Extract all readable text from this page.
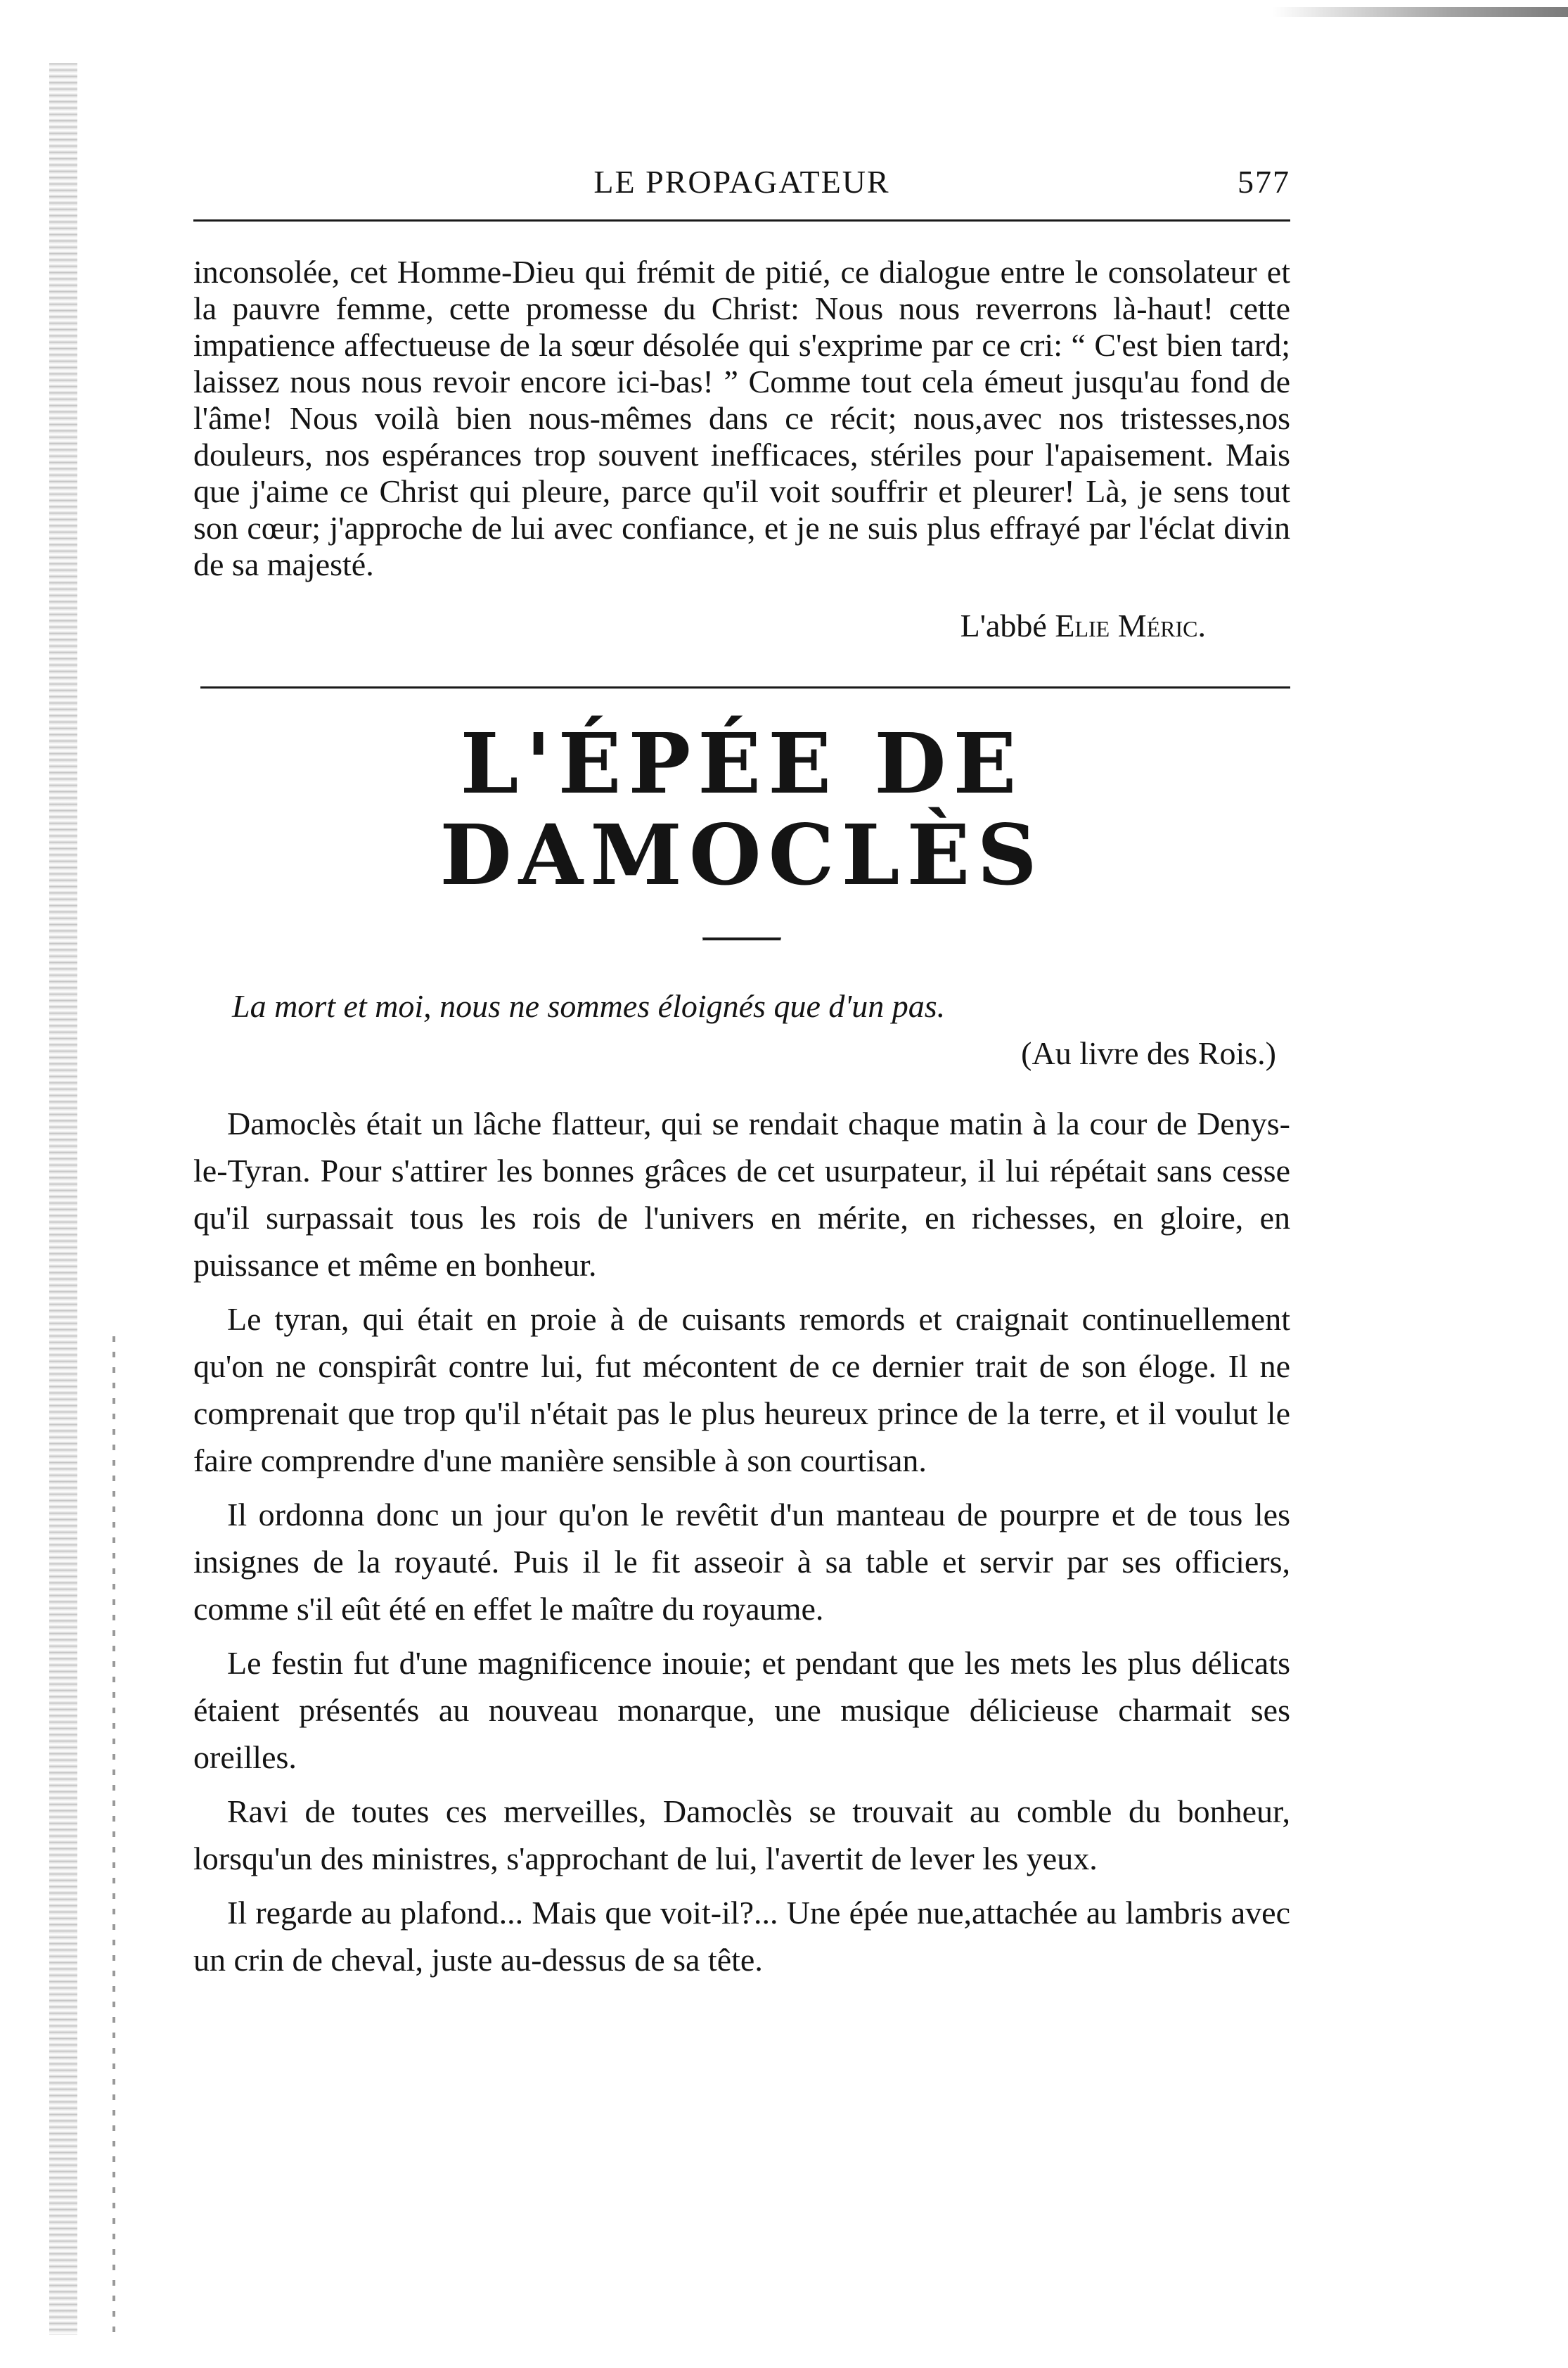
LE PROPAGATEUR	577

inconsolée, cet Homme-Dieu qui frémit de pitié, ce dialogue entre le consolateur et la pauvre femme, cette promesse du Christ: Nous nous reverrons là-haut! cette impatience affectueuse de la sœur désolée qui s'exprime par ce cri: “ C'est bien tard; laissez nous nous revoir encore ici-bas! ” Comme tout cela émeut jusqu'au fond de l'âme! Nous voilà bien nous-mêmes dans ce récit; nous,avec nos tristesses,nos douleurs, nos espérances trop souvent inefficaces, stériles pour l'apaisement. Mais que j'aime ce Christ qui pleure, parce qu'il voit souffrir et pleurer! Là, je sens tout son cœur; j'approche de lui avec confiance, et je ne suis plus effrayé par l'éclat divin de sa majesté.

L'abbé Elie Méric.
L'ÉPÉE DE DAMOCLÈS
La mort et moi, nous ne sommes éloignés que d'un pas.
(Au livre des Rois.)

Damoclès était un lâche flatteur, qui se rendait chaque matin à la cour de Denys-le-Tyran. Pour s'attirer les bonnes grâces de cet usurpateur, il lui répétait sans cesse qu'il surpassait tous les rois de l'univers en mérite, en richesses, en gloire, en puissance et même en bonheur.

Le tyran, qui était en proie à de cuisants remords et craignait continuellement qu'on ne conspirât contre lui, fut mécontent de ce dernier trait de son éloge. Il ne comprenait que trop qu'il n'était pas le plus heureux prince de la terre, et il voulut le faire comprendre d'une manière sensible à son courtisan.

Il ordonna donc un jour qu'on le revêtit d'un manteau de pourpre et de tous les insignes de la royauté. Puis il le fit asseoir à sa table et servir par ses officiers, comme s'il eût été en effet le maître du royaume.

Le festin fut d'une magnificence inouie; et pendant que les mets les plus délicats étaient présentés au nouveau monarque, une musique délicieuse charmait ses oreilles.

Ravi de toutes ces merveilles, Damoclès se trouvait au comble du bonheur, lorsqu'un des ministres, s'approchant de lui, l'avertit de lever les yeux.

Il regarde au plafond... Mais que voit-il?... Une épée nue,attachée au lambris avec un crin de cheval, juste au-dessus de sa tête.
